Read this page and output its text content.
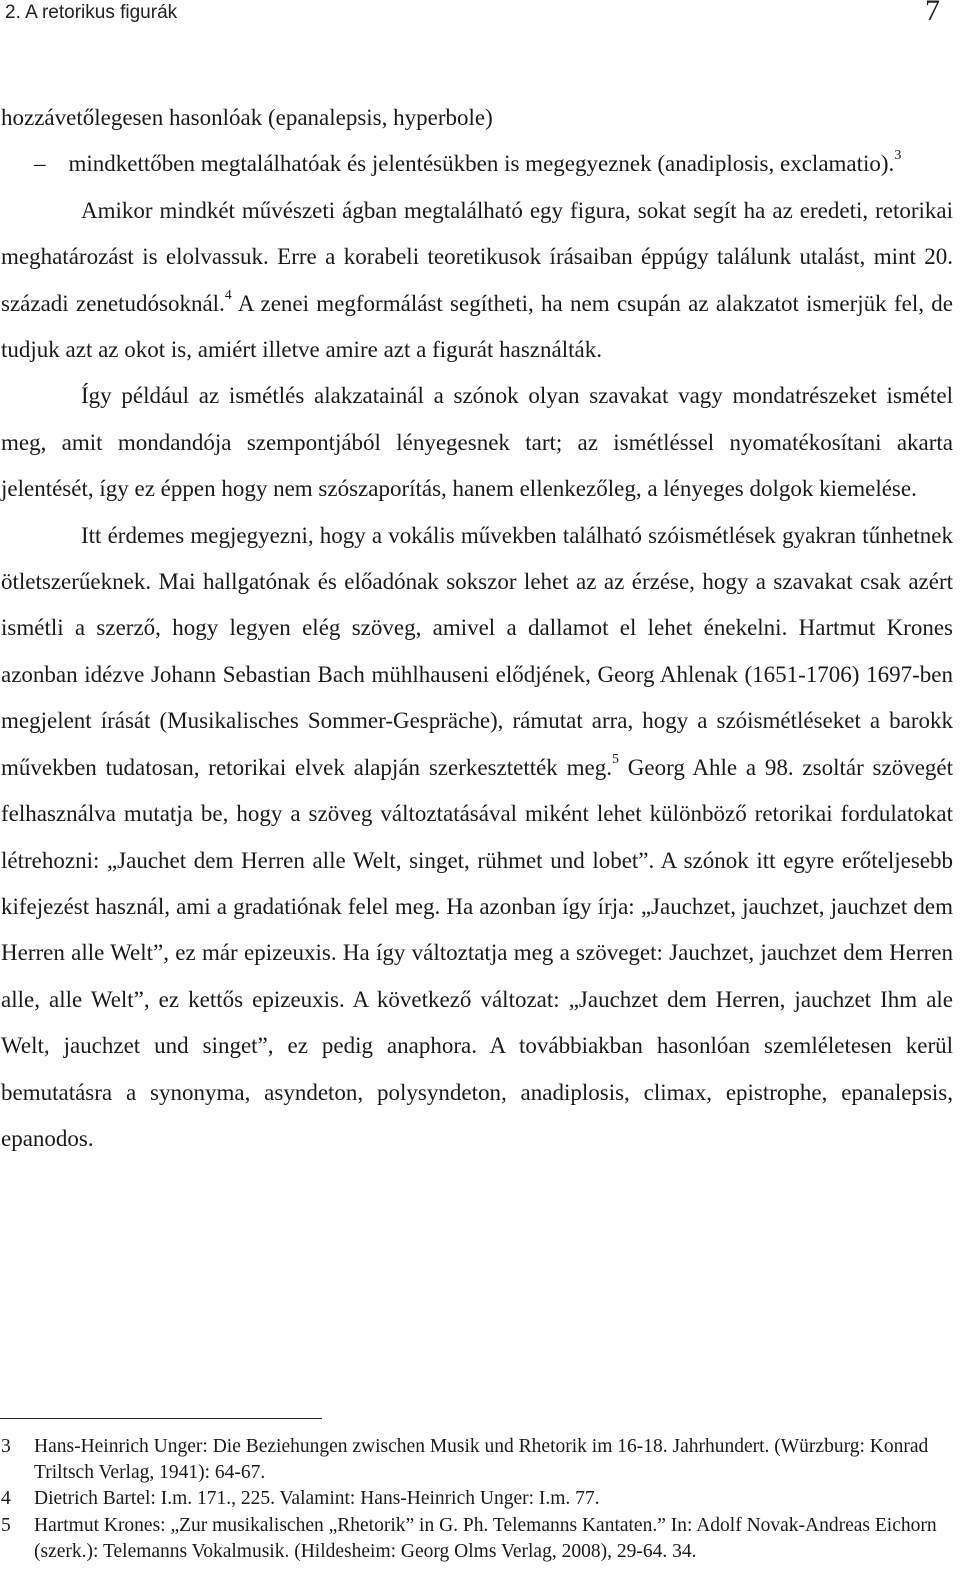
2. A retorikus figurák	7

hozzávetőlegesen hasonlóak (epanalepsis, hyperbole)

– mindkettőben megtalálhatóak és jelentésükben is megegyeznek (anadiplosis, exclamatio).$^3$

Amikor mindkét művészeti ágban megtalálható egy figura, sokat segít ha az eredeti, retorikai meghatározást is elolvassuk. Erre a korabeli teoretikusok írásaiban éppúgy találunk utalást, mint 20. századi zenetudósoknál.$^4$ A zenei megformálást segítheti, ha nem csupán az alakzatot ismerjük fel, de tudjuk azt az okot is, amiért illetve amire azt a figurát használták.

Így például az ismétlés alakzatainál a szónok olyan szavakat vagy mondatrészeket ismétel meg, amit mondandója szempontjából lényegesnek tart; az ismétléssel nyomatékosítani akarta jelentését, így ez éppen hogy nem szószaporítás, hanem ellenkezőleg, a lényeges dolgok kiemelése.

Itt érdemes megjegyezni, hogy a vokális művekben található szóismétlések gyakran tűnhetnek ötletszerűeknek. Mai hallgatónak és előadónak sokszor lehet az az érzése, hogy a szavakat csak azért ismétli a szerző, hogy legyen elég szöveg, amivel a dallamot el lehet énekelni. Hartmut Krones azonban idézve Johann Sebastian Bach mühlhauseni elődjének, Georg Ahlenak (1651-1706) 1697-ben megjelent írását (Musikalisches Sommer-Gespräche), rámutat arra, hogy a szóismétléseket a barokk művekben tudatosan, retorikai elvek alapján szerkesztették meg.$^5$ Georg Ahle a 98. zsoltár szövegét felhasználva mutatja be, hogy a szöveg változtatásával miként lehet különböző retorikai fordulatokat létrehozni: „Jauchet dem Herren alle Welt, singet, rühmet und lobet”. A szónok itt egyre erőteljesebb kifejezést használ, ami a gradatiónak felel meg. Ha azonban így írja: „Jauchzet, jauchzet, jauchzet dem Herren alle Welt”, ez már epizeuxis. Ha így változtatja meg a szöveget: Jauchzet, jauchzet dem Herren alle, alle Welt”, ez kettős epizeuxis. A következő változat: „Jauchzet dem Herren, jauchzet Ihm ale Welt, jauchzet und singet”, ez pedig anaphora. A továbbiakban hasonlóan szemléletesen kerül bemutatásra a synonyma, asyndeton, polysyndeton, anadiplosis, climax, epistrophe, epanalepsis, epanodos.

3 Hans-Heinrich Unger: Die Beziehungen zwischen Musik und Rhetorik im 16-18. Jahrhundert. (Würzburg: Konrad Triltsch Verlag, 1941): 64-67.

4 Dietrich Bartel: I.m. 171., 225. Valamint: Hans-Heinrich Unger: I.m. 77.

5 Hartmut Krones: „Zur musikalischen „Rhetorik” in G. Ph. Telemanns Kantaten.” In: Adolf Novak-Andreas Eichorn (szerk.): Telemanns Vokalmusik. (Hildesheim: Georg Olms Verlag, 2008), 29-64. 34.
